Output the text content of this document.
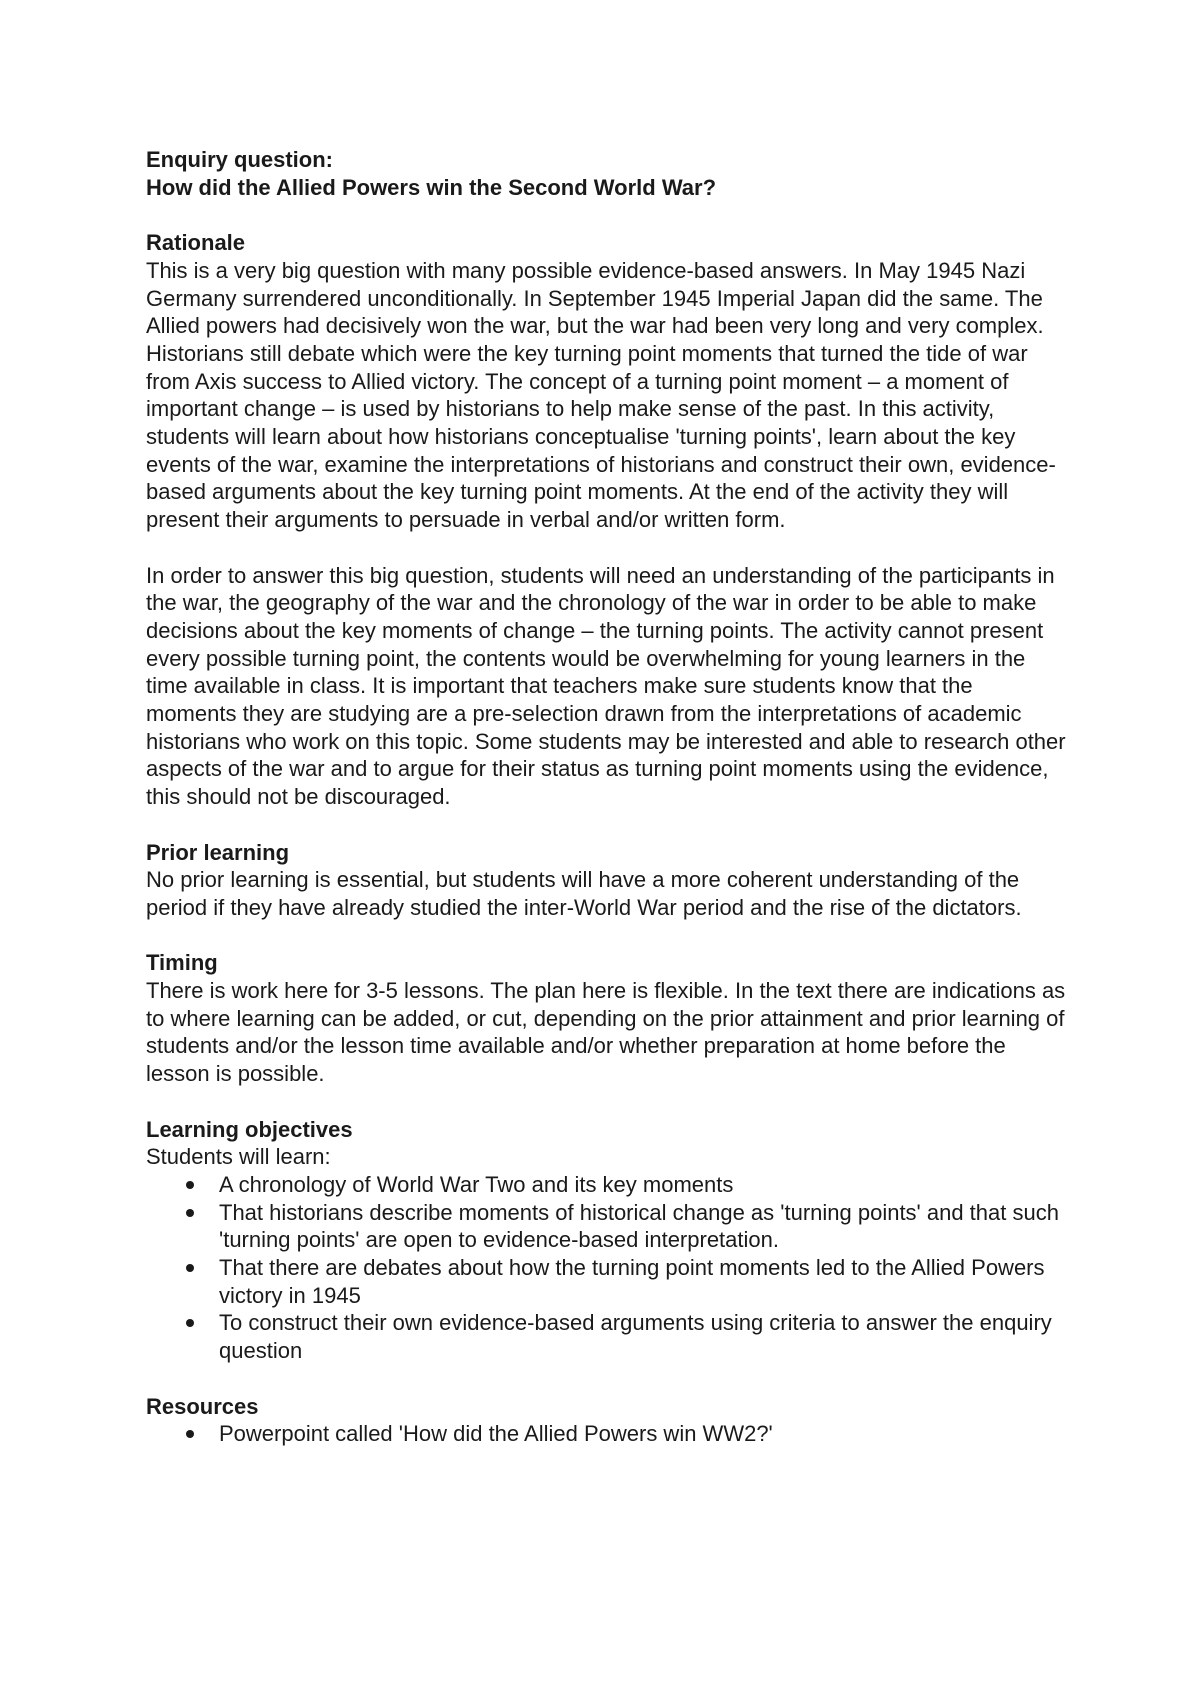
Enquiry question:

How did the Allied Powers win the Second World War?

Rationale

This is a very big question with many possible evidence-based answers. In May 1945 Nazi Germany surrendered unconditionally. In September 1945 Imperial Japan did the same. The Allied powers had decisively won the war, but the war had been very long and very complex. Historians still debate which were the key turning point moments that turned the tide of war from Axis success to Allied victory. The concept of a turning point moment – a moment of important change – is used by historians to help make sense of the past. In this activity, students will learn about how historians conceptualise 'turning points', learn about the key events of the war, examine the interpretations of historians and construct their own, evidence-based arguments about the key turning point moments. At the end of the activity they will present their arguments to persuade in verbal and/or written form.

In order to answer this big question, students will need an understanding of the participants in the war, the geography of the war and the chronology of the war in order to be able to make decisions about the key moments of change – the turning points. The activity cannot present every possible turning point, the contents would be overwhelming for young learners in the time available in class. It is important that teachers make sure students know that the moments they are studying are a pre-selection drawn from the interpretations of academic historians who work on this topic. Some students may be interested and able to research other aspects of the war and to argue for their status as turning point moments using the evidence, this should not be discouraged.

Prior learning

No prior learning is essential, but students will have a more coherent understanding of the period if they have already studied the inter-World War period and the rise of the dictators.

Timing

There is work here for 3-5 lessons. The plan here is flexible. In the text there are indications as to where learning can be added, or cut, depending on the prior attainment and prior learning of students and/or the lesson time available and/or whether preparation at home before the lesson is possible.

Learning objectives

Students will learn:

A chronology of World War Two and its key moments
That historians describe moments of historical change as 'turning points' and that such 'turning points' are open to evidence-based interpretation.
That there are debates about how the turning point moments led to the Allied Powers victory in 1945
To construct their own evidence-based arguments using criteria to answer the enquiry question

Resources

Powerpoint called 'How did the Allied Powers win WW2?'
